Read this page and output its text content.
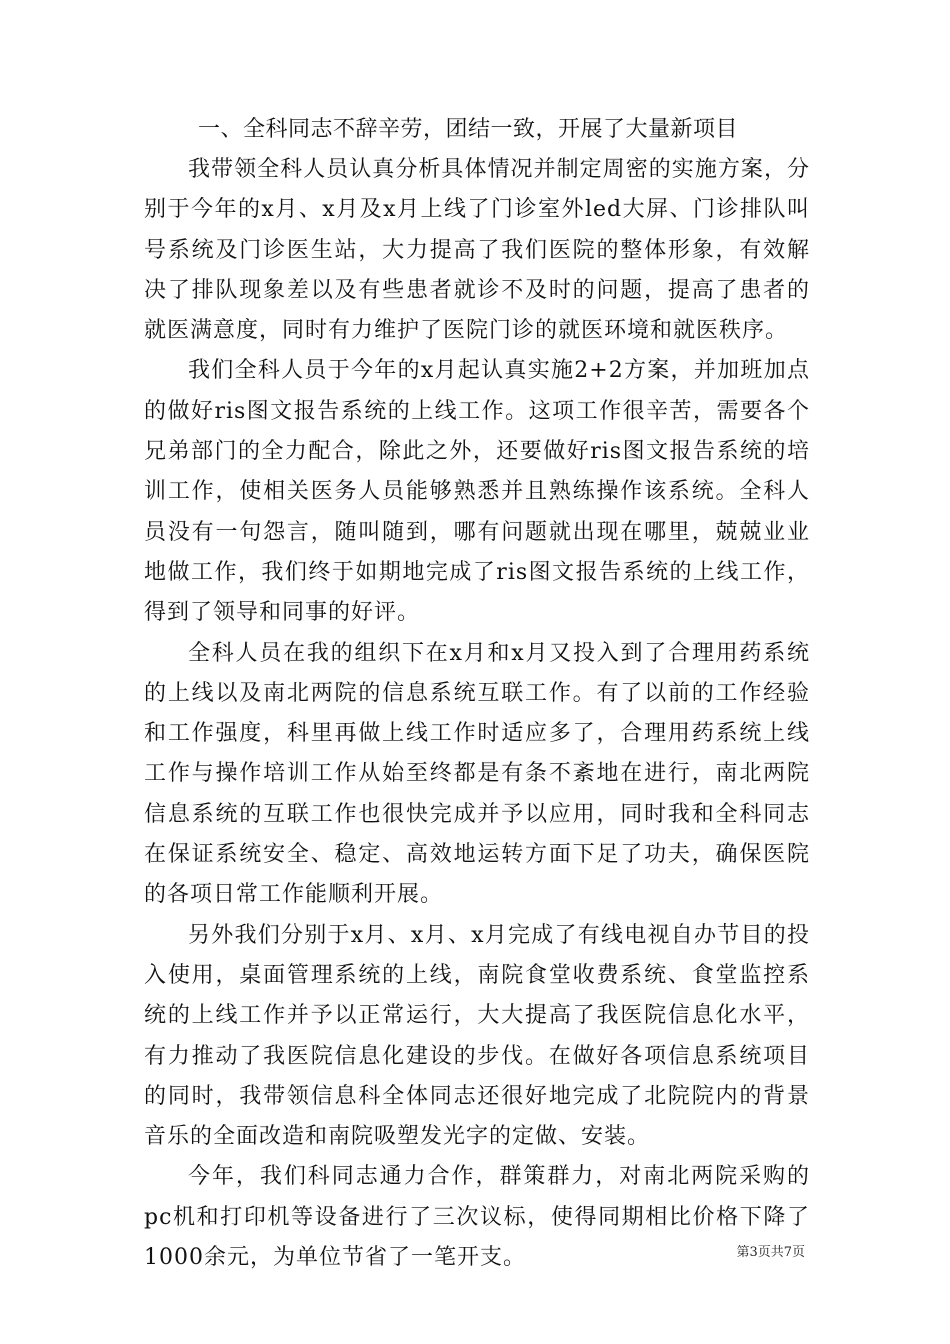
一、全科同志不辞辛劳，团结一致，开展了大量新项目

我带领全科人员认真分析具体情况并制定周密的实施方案，分别于今年的x月、x月及x月上线了门诊室外led大屏、门诊排队叫号系统及门诊医生站，大力提高了我们医院的整体形象，有效解决了排队现象差以及有些患者就诊不及时的问题，提高了患者的就医满意度，同时有力维护了医院门诊的就医环境和就医秩序。

我们全科人员于今年的x月起认真实施2+2方案，并加班加点的做好ris图文报告系统的上线工作。这项工作很辛苦，需要各个兄弟部门的全力配合，除此之外，还要做好ris图文报告系统的培训工作，使相关医务人员能够熟悉并且熟练操作该系统。全科人员没有一句怨言，随叫随到，哪有问题就出现在哪里，兢兢业业地做工作，我们终于如期地完成了ris图文报告系统的上线工作，得到了领导和同事的好评。

全科人员在我的组织下在x月和x月又投入到了合理用药系统的上线以及南北两院的信息系统互联工作。有了以前的工作经验和工作强度，科里再做上线工作时适应多了，合理用药系统上线工作与操作培训工作从始至终都是有条不紊地在进行，南北两院信息系统的互联工作也很快完成并予以应用，同时我和全科同志在保证系统安全、稳定、高效地运转方面下足了功夫，确保医院的各项日常工作能顺利开展。

另外我们分别于x月、x月、x月完成了有线电视自办节目的投入使用，桌面管理系统的上线，南院食堂收费系统、食堂监控系统的上线工作并予以正常运行，大大提高了我医院信息化水平，有力推动了我医院信息化建设的步伐。在做好各项信息系统项目的同时，我带领信息科全体同志还很好地完成了北院院内的背景音乐的全面改造和南院吸塑发光字的定做、安装。

今年，我们科同志通力合作，群策群力，对南北两院采购的pc机和打印机等设备进行了三次议标，使得同期相比价格下降了1000余元，为单位节省了一笔开支。	第3页共7页
